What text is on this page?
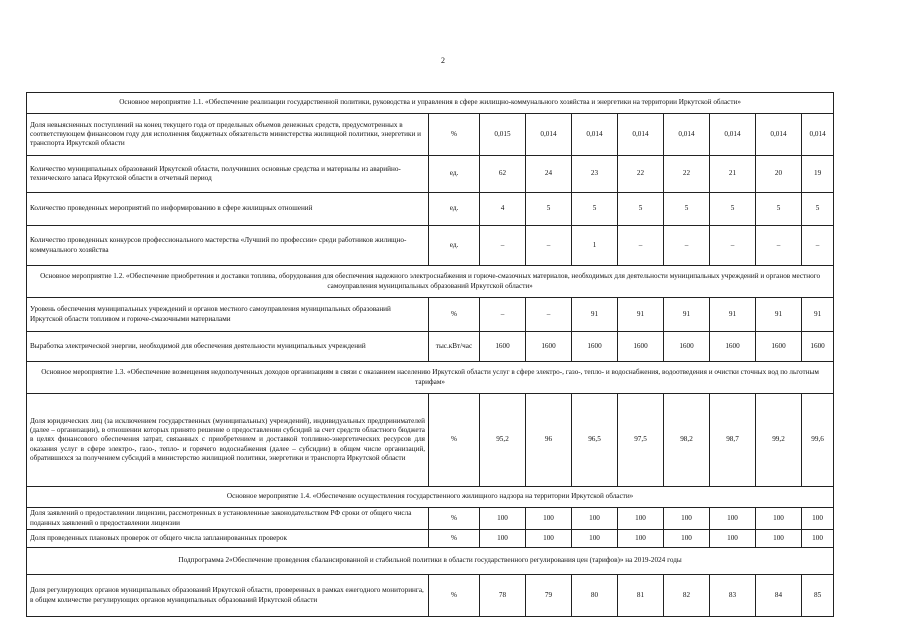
2
Основное мероприятие 1.1. «Обеспечение реализации государственной политики, руководства и управления в сфере жилищно-коммунального хозяйства и энергетики на территории Иркутской области»									
Доля невыясненных поступлений на конец текущего года от предельных объемов денежных средств, предусмотренных в соответствующем финансовом году для исполнения бюджетных обязательств министерства жилищной политики, энергетики и транспорта Иркутской области	%	0,015	0,014	0,014	0,014	0,014	0,014	0,014	0,014
Количество муниципальных образований Иркутской области, получивших основные средства и материалы из аварийно-технического запаса Иркутской области в отчетный период	ед.	62	24	23	22	22	21	20	19
Количество проведенных мероприятий по информированию в сфере жилищных отношений	ед.	4	5	5	5	5	5	5	5
Количество проведенных конкурсов профессионального мастерства «Лучший по профессии» среди работников жилищно-коммунального хозяйства	ед.	–	–	1	–	–	–	–	–
Основное мероприятие 1.2. «Обеспечение приобретения и доставки топлива, оборудования для обеспечения надежного электроснабжения и горюче-смазочных материалов, необходимых для деятельности муниципальных учреждений и органов местного самоуправления муниципальных образований Иркутской области»									
Уровень обеспечения муниципальных учреждений и органов местного самоуправления муниципальных образований Иркутской области топливом и горюче-смазочными материалами	%	–	–	91	91	91	91	91	91
Выработка электрической энергии, необходимой для обеспечения деятельности муниципальных учреждений	тыс.кВт/час	1600	1600	1600	1600	1600	1600	1600	1600
Основное мероприятие 1.3. «Обеспечение возмещения недополученных доходов организациям в связи с оказанием населению Иркутской области услуг в сфере электро-, газо-, тепло- и водоснабжения, водоотведения и очистки сточных вод по льготным тарифам»									
Доля юридических лиц (за исключением государственных (муниципальных) учреждений), индивидуальных предпринимателей (далее – организации), в отношении которых принято решение о предоставлении субсидий за счет средств областного бюджета в целях финансового обеспечения затрат, связанных с приобретением и доставкой топливно-энергетических ресурсов для оказания услуг в сфере электро-, газо-, тепло- и горячего водоснабжения (далее – субсидии) в общем числе организаций, обратившихся за получением субсидий в министерство жилищной политики, энергетики и транспорта Иркутской области	%	95,2	96	96,5	97,5	98,2	98,7	99,2	99,6
Основное мероприятие 1.4. «Обеспечение осуществления государственного жилищного надзора на территории Иркутской области»									
Доля заявлений о предоставлении лицензии, рассмотренных в установленные законодательством РФ сроки от общего числа поданных заявлений о предоставлении лицензии	%	100	100	100	100	100	100	100	100
Доля проведенных плановых проверок от общего числа запланированных проверок	%	100	100	100	100	100	100	100	100
Подпрограмма 2«Обеспечение проведения сбалансированной и стабильной политики в области государственного регулирования цен (тарифов)» на 2019-2024 годы									
Доля регулирующих органов муниципальных образований Иркутской области, проверенных в рамках ежегодного мониторинга, в общем количестве регулирующих органов муниципальных образований Иркутской области	%	78	79	80	81	82	83	84	85
